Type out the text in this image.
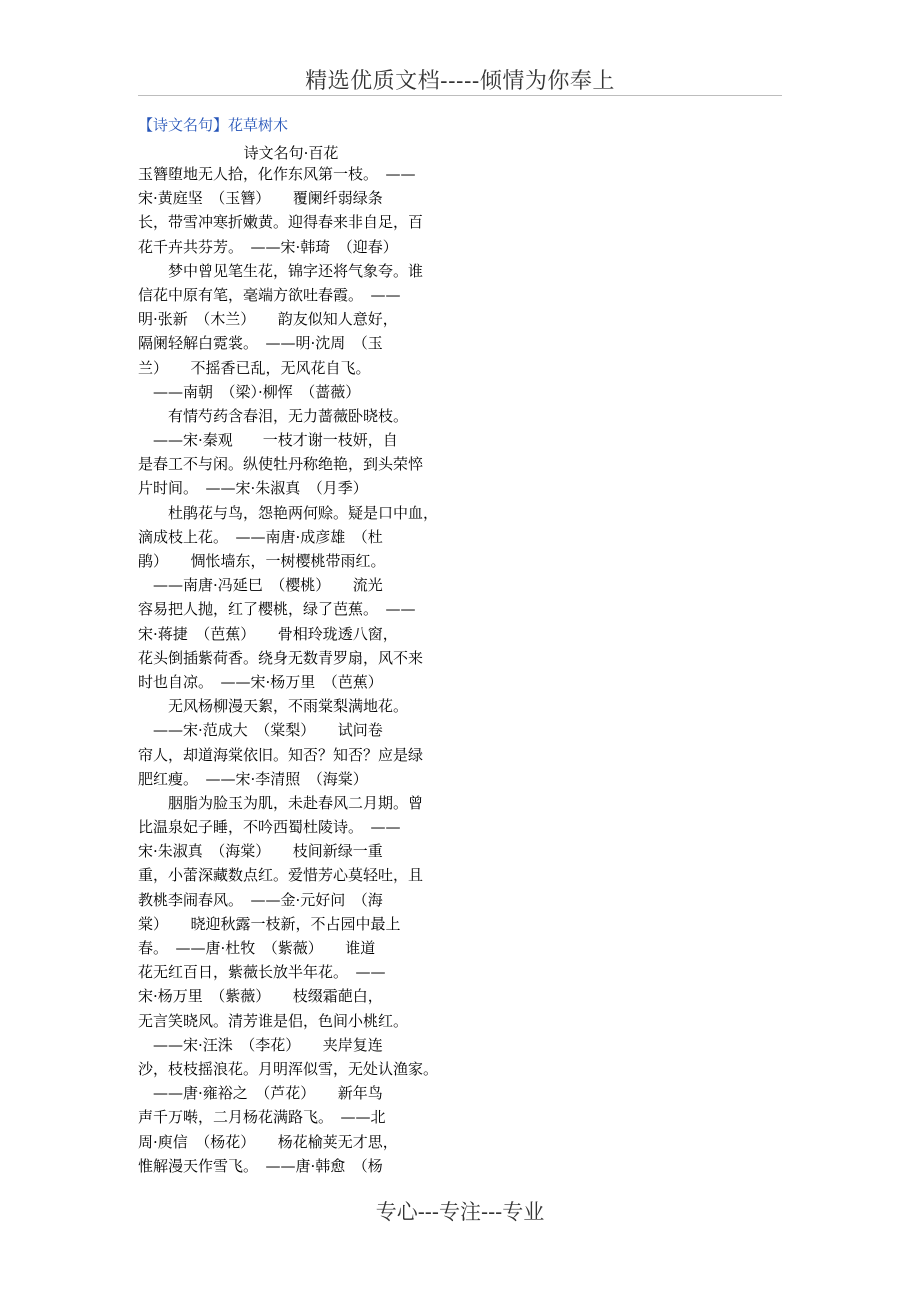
精选优质文档-----倾情为你奉上
【诗文名句】花草树木
诗文名句·百花
玉簪堕地无人拾，化作东风第一枝。　——
宋·黄庭坚　（玉簪）　　覆阑纤弱绿条
长，带雪冲寒折嫩黄。迎得春来非自足，百
花千卉共芬芳。　——宋·韩琦　（迎春）
　　梦中曾见笔生花，锦字还将气象夸。谁
信花中原有笔，毫端方欲吐春霞。　——
明·张新　（木兰）　　韵友似知人意好，
隔阑轻解白霓裳。　——明·沈周　（玉
兰）　　不摇香已乱，无风花自飞。
　——南朝　（梁）·柳恽　（蔷薇）
　　有情芍药含春泪，无力蔷薇卧晓枝。
　——宋·秦观　　一枝才谢一枝妍，自
是春工不与闲。纵使牡丹称绝艳，到头荣悴
片时间。　——宋·朱淑真　（月季）
　　杜鹃花与鸟，怨艳两何赊。疑是口中血，
滴成枝上花。　——南唐·成彦雄　（杜
鹃）　　惆怅墙东，一树樱桃带雨红。
　——南唐·冯延巳　（樱桃）　　流光
容易把人抛，红了樱桃，绿了芭蕉。　——
宋·蒋捷　（芭蕉）　　骨相玲珑透八窗，
花头倒插紫荷香。绕身无数青罗扇，风不来
时也自凉。　——宋·杨万里　（芭蕉）
　　无风杨柳漫天絮，不雨棠梨满地花。
　——宋·范成大　（棠梨）　　试问卷
帘人，却道海棠依旧。知否？知否？应是绿
肥红瘦。　——宋·李清照　（海棠）
　　胭脂为脸玉为肌，未赴春风二月期。曾
比温泉妃子睡，不吟西蜀杜陵诗。　——
宋·朱淑真　（海棠）　　枝间新绿一重
重，小蕾深藏数点红。爱惜芳心莫轻吐，且
教桃李闹春风。　——金·元好问　（海
棠）　　晓迎秋露一枝新，不占园中最上
春。　——唐·杜牧　（紫薇）　　谁道
花无红百日，紫薇长放半年花。　——
宋·杨万里　（紫薇）　　枝缀霜葩白，
无言笑晓风。清芳谁是侣，色间小桃红。
　——宋·汪洙　（李花）　　夹岸复连
沙，枝枝摇浪花。月明浑似雪，无处认渔家。
　——唐·雍裕之　（芦花）　　新年鸟
声千万啭，二月杨花满路飞。　——北
周·庾信　（杨花）　　杨花榆荚无才思，
惟解漫天作雪飞。　——唐·韩愈　（杨
专心---专注---专业
